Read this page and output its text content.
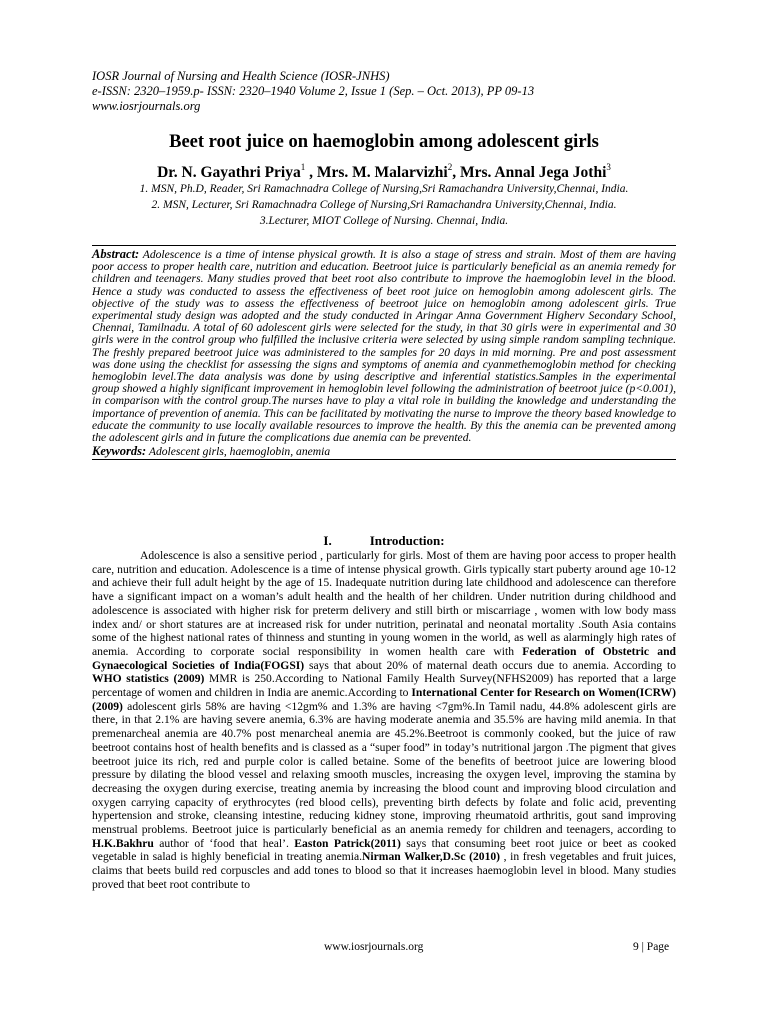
IOSR Journal of Nursing and Health Science (IOSR-JNHS)
e-ISSN: 2320–1959.p- ISSN: 2320–1940 Volume 2, Issue 1 (Sep. – Oct. 2013), PP 09-13
www.iosrjournals.org
Beet root juice on haemoglobin among adolescent girls
Dr. N. Gayathri Priya$^1$ , Mrs. M. Malarvizhi$^2$, Mrs. Annal Jega Jothi$^3$
1. MSN, Ph.D, Reader, Sri Ramachnadra College of Nursing,Sri Ramachandra University,Chennai, India.
2. MSN, Lecturer, Sri Ramachnadra College of Nursing,Sri Ramachandra University,Chennai, India.
3.Lecturer, MIOT College of Nursing. Chennai, India.
Abstract: Adolescence is a time of intense physical growth. It is also a stage of stress and strain. Most of them are having poor access to proper health care, nutrition and education. Beetroot juice is particularly beneficial as an anemia remedy for children and teenagers. Many studies proved that beet root also contribute to improve the haemoglobin level in the blood. Hence a study was conducted to assess the effectiveness of beet root juice on hemoglobin among adolescent girls. The objective of the study was to assess the effectiveness of beetroot juice on hemoglobin among adolescent girls. True experimental study design was adopted and the study conducted in Aringar Anna Government Higherv Secondary School, Chennai, Tamilnadu. A total of 60 adolescent girls were selected for the study, in that 30 girls were in experimental and 30 girls were in the control group who fulfilled the inclusive criteria were selected by using simple random sampling technique. The freshly prepared beetroot juice was administered to the samples for 20 days in mid morning. Pre and post assessment was done using the checklist for assessing the signs and symptoms of anemia and cyanmethemoglobin method for checking hemoglobin level.The data analysis was done by using descriptive and inferential statistics.Samples in the experimental group showed a highly significant improvement in hemoglobin level following the administration of beetroot juice (p<0.001), in comparison with the control group.The nurses have to play a vital role in building the knowledge and understanding the importance of prevention of anemia. This can be facilitated by motivating the nurse to improve the theory based knowledge to educate the community to use locally available resources to improve the health. By this the anemia can be prevented among the adolescent girls and in future the complications due anemia can be prevented.
Keywords: Adolescent girls, haemoglobin, anemia
I.	Introduction:

Adolescence is also a sensitive period , particularly for girls. Most of them are having poor access to proper health care, nutrition and education. Adolescence is a time of intense physical growth. Girls typically start puberty around age 10-12 and achieve their full adult height by the age of 15. Inadequate nutrition during late childhood and adolescence can therefore have a significant impact on a woman’s adult health and the health of her children. Under nutrition during childhood and adolescence is associated with higher risk for preterm delivery and still birth or miscarriage , women with low body mass index and/ or short statures are at increased risk for under nutrition, perinatal and neonatal mortality .South Asia contains some of the highest national rates of thinness and stunting in young women in the world, as well as alarmingly high rates of anemia. According to corporate social responsibility in women health care with Federation of Obstetric and Gynaecological Societies of India(FOGSI) says that about 20% of maternal death occurs due to anemia. According to WHO statistics (2009) MMR is 250.According to National Family Health Survey(NFHS2009) has reported that a large percentage of women and children in India are anemic.According to International Center for Research on Women(ICRW) (2009) adolescent girls 58% are having <12gm% and 1.3% are having <7gm%.In Tamil nadu, 44.8% adolescent girls are there, in that 2.1% are having severe anemia, 6.3% are having moderate anemia and 35.5% are having mild anemia. In that premenarcheal anemia are 40.7% post menarcheal anemia are 45.2%.Beetroot is commonly cooked, but the juice of raw beetroot contains host of health benefits and is classed as a “super food” in today’s nutritional jargon .The pigment that gives beetroot juice its rich, red and purple color is called betaine. Some of the benefits of beetroot juice are lowering blood pressure by dilating the blood vessel and relaxing smooth muscles, increasing the oxygen level, improving the stamina by decreasing the oxygen during exercise, treating anemia by increasing the blood count and improving blood circulation and oxygen carrying capacity of erythrocytes (red blood cells), preventing birth defects by folate and folic acid, preventing hypertension and stroke, cleansing intestine, reducing kidney stone, improving rheumatoid arthritis, gout sand improving menstrual problems. Beetroot juice is particularly beneficial as an anemia remedy for children and teenagers, according to H.K.Bakhru author of ‘food that heal’. Easton Patrick(2011) says that consuming beet root juice or beet as cooked vegetable in salad is highly beneficial in treating anemia.Nirman Walker,D.Sc (2010) , in fresh vegetables and fruit juices, claims that beets build red corpuscles and add tones to blood so that it increases haemoglobin level in blood. Many studies proved that beet root contribute to

www.iosrjournals.org	9 | Page
